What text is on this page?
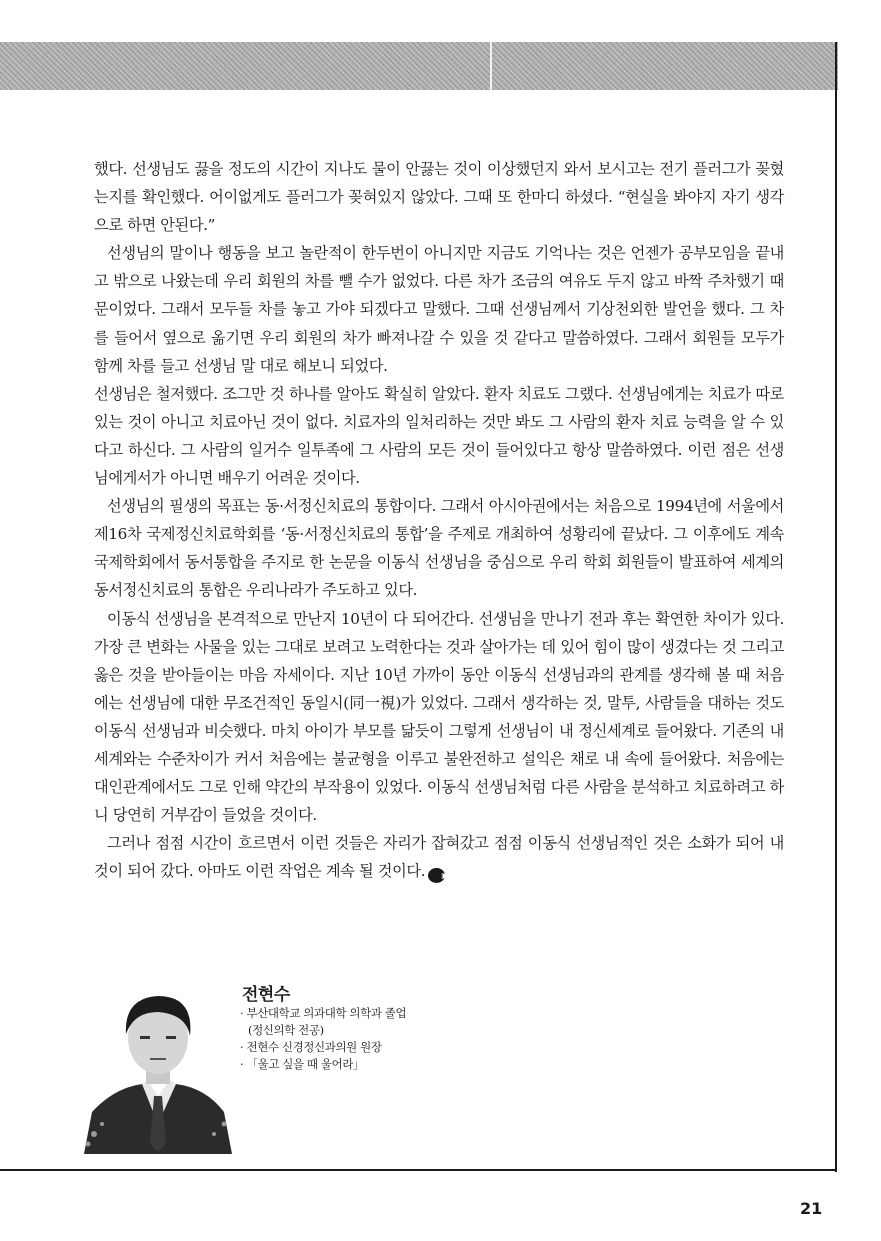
했다. 선생님도 끓을 정도의 시간이 지나도 물이 안끓는 것이 이상했던지 와서 보시고는 전기 플러그가 꽂혔는지를 확인했다. 어이없게도 플러그가 꽂혀있지 않았다. 그때 또 한마디 하셨다. “현실을 봐야지 자기 생각으로 하면 안된다.”

선생님의 말이나 행동을 보고 놀란적이 한두번이 아니지만 지금도 기억나는 것은 언젠가 공부모임을 끝내고 밖으로 나왔는데 우리 회원의 차를 뺄 수가 없었다. 다른 차가 조금의 여유도 두지 않고 바짝 주차했기 때문이었다. 그래서 모두들 차를 놓고 가야 되겠다고 말했다. 그때 선생님께서 기상천외한 발언을 했다. 그 차를 들어서 옆으로 옮기면 우리 회원의 차가 빠져나갈 수 있을 것 같다고 말씀하였다. 그래서 회원들 모두가 함께 차를 들고 선생님 말 대로 해보니 되었다.

선생님은 철저했다. 조그만 것 하나를 알아도 확실히 알았다. 환자 치료도 그랬다. 선생님에게는 치료가 따로 있는 것이 아니고 치료아닌 것이 없다. 치료자의 일처리하는 것만 봐도 그 사람의 환자 치료 능력을 알 수 있다고 하신다. 그 사람의 일거수 일투족에 그 사람의 모든 것이 들어있다고 항상 말씀하였다. 이런 점은 선생님에게서가 아니면 배우기 어려운 것이다.

선생님의 필생의 목표는 동·서정신치료의 통합이다. 그래서 아시아권에서는 처음으로 1994년에 서울에서 제16차 국제정신치료학회를 ‘동·서정신치료의 통합’을 주제로 개최하여 성황리에 끝났다. 그 이후에도 계속 국제학회에서 동서통합을 주지로 한 논문을 이동식 선생님을 중심으로 우리 학회 회원들이 발표하여 세계의 동서정신치료의 통합은 우리나라가 주도하고 있다.

이동식 선생님을 본격적으로 만난지 10년이 다 되어간다. 선생님을 만나기 전과 후는 확연한 차이가 있다. 가장 큰 변화는 사물을 있는 그대로 보려고 노력한다는 것과 살아가는 데 있어 힘이 많이 생겼다는 것 그리고 옳은 것을 받아들이는 마음 자세이다. 지난 10년 가까이 동안 이동식 선생님과의 관계를 생각해 볼 때 처음에는 선생님에 대한 무조건적인 동일시(同一視)가 있었다. 그래서 생각하는 것, 말투, 사람들을 대하는 것도 이동식 선생님과 비슷했다. 마치 아이가 부모를 닮듯이 그렇게 선생님이 내 정신세계로 들어왔다. 기존의 내 세계와는 수준차이가 커서 처음에는 불균형을 이루고 불완전하고 설익은 채로 내 속에 들어왔다. 처음에는 대인관계에서도 그로 인해 약간의 부작용이 있었다. 이동식 선생님처럼 다른 사람을 분석하고 치료하려고 하니 당연히 거부감이 들었을 것이다.

그러나 점점 시간이 흐르면서 이런 것들은 자리가 잡혀갔고 점점 이동식 선생님적인 것은 소화가 되어 내 것이 되어 갔다. 아마도 이런 작업은 계속 될 것이다. ▣

전현수
· 부산대학교 의과대학 의학과 졸업
(정신의학 전공)
· 전현수 신경정신과의원 원장
· 「울고 싶을 때 울어라」
21
